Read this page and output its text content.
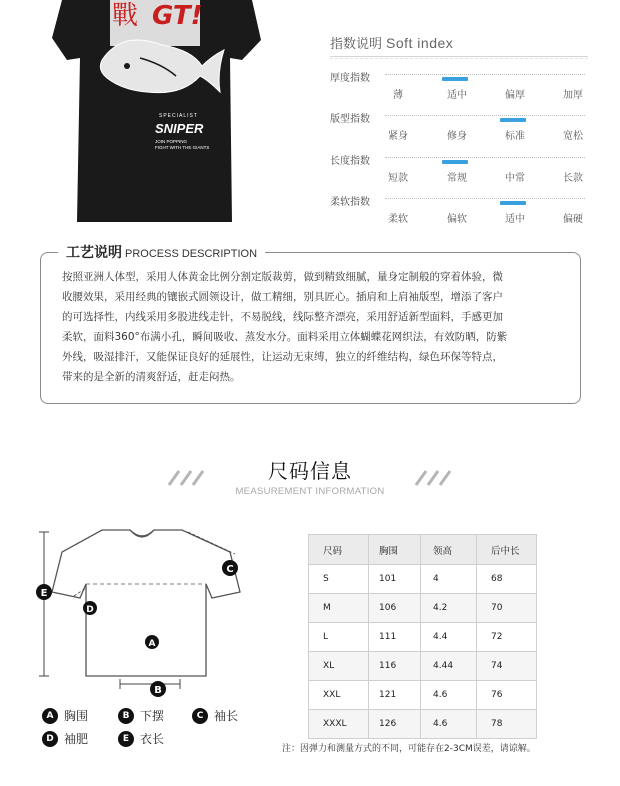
戰 GT!
SPECIALIST
SNIPER
JOIN POPPING
FIGHT WITH THE GIANTS
指数说明 Soft index
厚度指数
薄	适中	偏厚	加厚
版型指数
紧身	修身	标准	宽松
长度指数
短款	常规	中常	长款
柔软指数
柔软	偏软	适中	偏硬
工艺说明 PROCESS DESCRIPTION
按照亚洲人体型，采用人体黄金比例分割定版裁剪，做到精致细腻，量身定制般的穿着体验，微
收腰效果，采用经典的镶嵌式圆领设计，做工精细，别具匠心。插肩和上肩袖版型，增添了客户
的可选择性，内线采用多股进线走针，不易脱线，线际整齐漂亮，采用舒适新型面料，手感更加
柔软，面料360°布满小孔，瞬间吸收、蒸发水分。面料采用立体蝴蝶花网织法，有效防晒，防紫
外线，吸湿排汗，又能保证良好的延展性，让运动无束缚，独立的纤维结构，绿色环保等特点，
带来的是全新的清爽舒适，赶走闷热。
尺码信息
MEASUREMENT INFORMATION
E
D
C
A
B
A 胸围	B 下摆	C 袖长
D 袖肥	E 衣长
尺码	胸围	领高	后中长
S	101	4	68
M	106	4.2	70
L	111	4.4	72
XL	116	4.44	74
XXL	121	4.6	76
XXXL	126	4.6	78
注：因弹力和测量方式的不同，可能存在2-3CM误差，请谅解。
